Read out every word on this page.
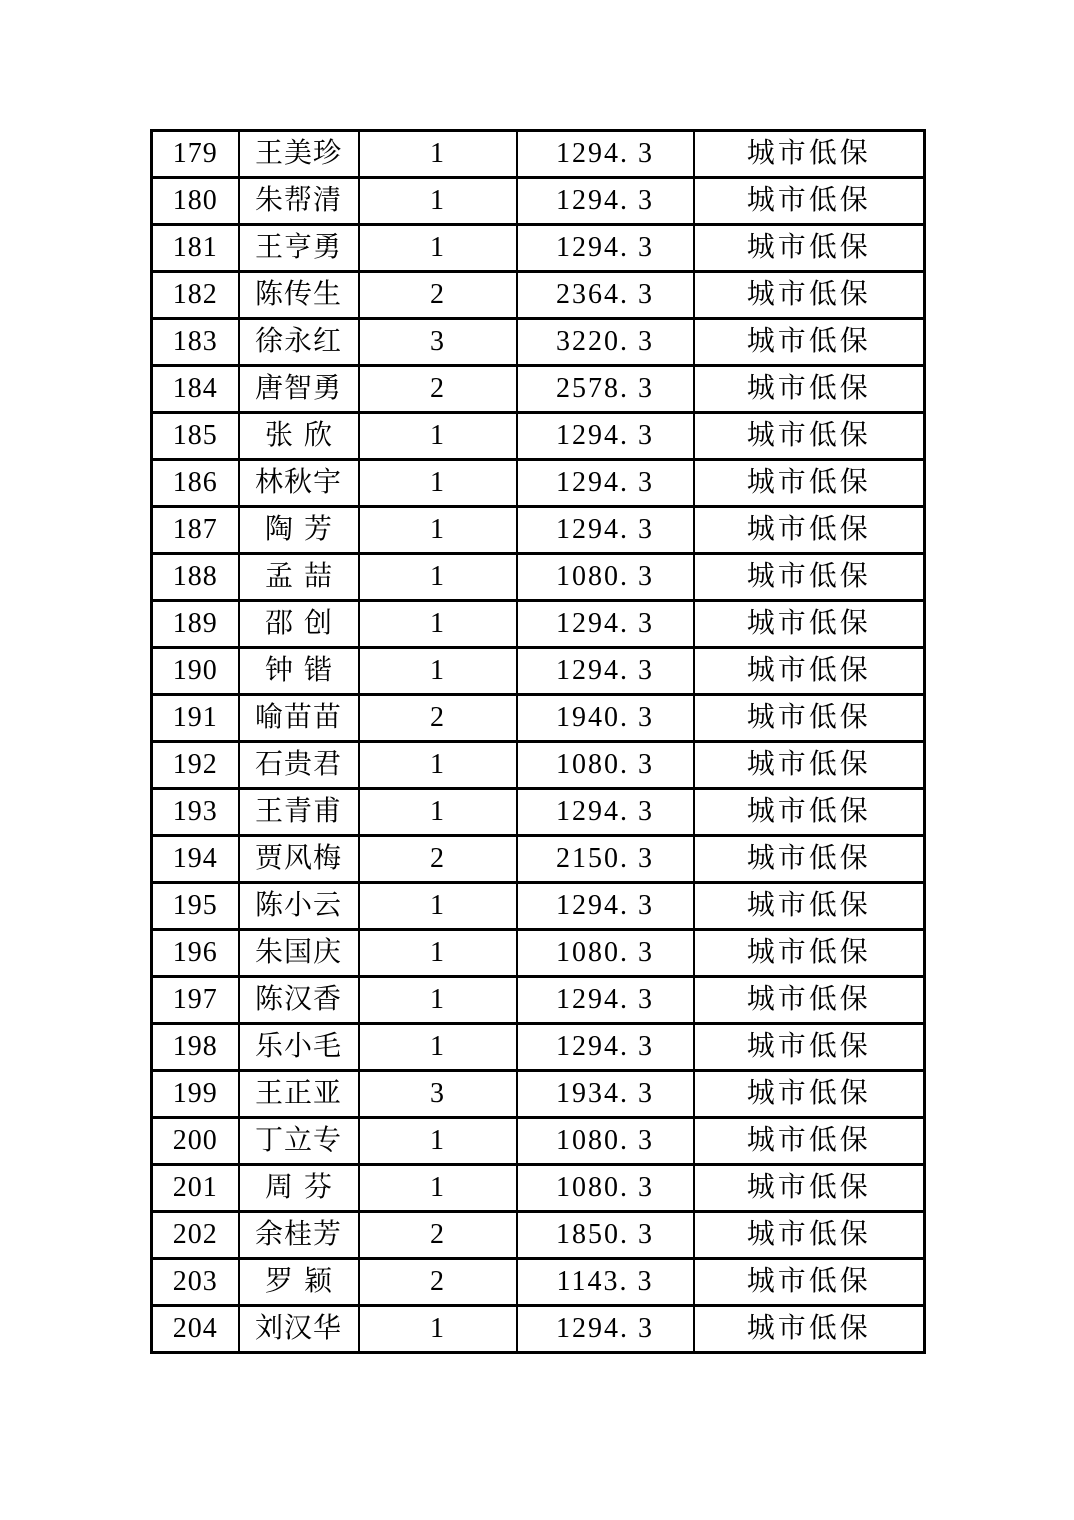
179	王美珍	1	1294. 3	城市低保
180	朱帮清	1	1294. 3	城市低保
181	王亨勇	1	1294. 3	城市低保
182	陈传生	2	2364. 3	城市低保
183	徐永红	3	3220. 3	城市低保
184	唐智勇	2	2578. 3	城市低保
185	张欣	1	1294. 3	城市低保
186	林秋宇	1	1294. 3	城市低保
187	陶芳	1	1294. 3	城市低保
188	孟喆	1	1080. 3	城市低保
189	邵创	1	1294. 3	城市低保
190	钟锴	1	1294. 3	城市低保
191	喻苗苗	2	1940. 3	城市低保
192	石贵君	1	1080. 3	城市低保
193	王青甫	1	1294. 3	城市低保
194	贾风梅	2	2150. 3	城市低保
195	陈小云	1	1294. 3	城市低保
196	朱国庆	1	1080. 3	城市低保
197	陈汉香	1	1294. 3	城市低保
198	乐小毛	1	1294. 3	城市低保
199	王正亚	3	1934. 3	城市低保
200	丁立专	1	1080. 3	城市低保
201	周芬	1	1080. 3	城市低保
202	余桂芳	2	1850. 3	城市低保
203	罗颖	2	1143. 3	城市低保
204	刘汉华	1	1294. 3	城市低保
